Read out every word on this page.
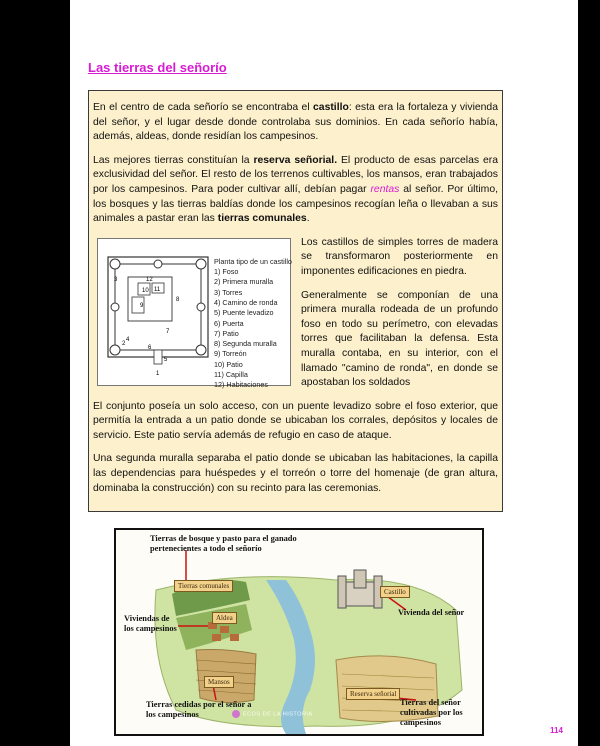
Las tierras del señorío

En el centro de cada señorío se encontraba el castillo: esta era la fortaleza y vivienda del señor, y el lugar desde donde controlaba sus dominios. En cada señorío había, además, aldeas, donde residían los campesinos.

Las mejores tierras constituían la reserva señorial. El producto de esas parcelas era exclusividad del señor. El resto de los terrenos cultivables, los mansos, eran trabajados por los campesinos. Para poder cultivar allí, debían pagar rentas al señor. Por último, los bosques y las tierras baldías donde los campesinos recogían leña o llevaban a sus animales a pastar eran las tierras comunales.

1
2
3
4
5
6
7
8
9
10 11
12
Planta tipo de un castillo
1) Foso
2) Primera muralla
3) Torres
4) Camino de ronda
5) Puente levadizo
6) Puerta
7) Patio
8) Segunda muralla
9) Torreón
10) Patio
11) Capilla
12) Habitaciones

Los castillos de simples torres de madera se transformaron posteriormente en imponentes edificaciones en piedra.

Generalmente se componían de una primera muralla rodeada de un profundo foso en todo su perímetro, con elevadas torres que facilitaban la defensa. Esta muralla contaba, en su interior, con el llamado "camino de ronda", en donde se apostaban los soldados

El conjunto poseía un solo acceso, con un puente levadizo sobre el foso exterior, que permitía la entrada a un patio donde se ubicaban los corrales, depósitos y locales de servicio. Este patio servía además de refugio en caso de ataque.

Una segunda muralla separaba el patio donde se ubicaban las habitaciones, la capilla las dependencias para huéspedes y el torreón o torre del homenaje (de gran altura, dominaba la construcción) con su recinto para las ceremonias.

Tierras de bosque y pasto para el ganado pertenecientes a todo el señorío
Viviendas de los campesinos
Vivienda del señor
Tierras cedidas por el señor a los campesinos
Tierras del señor cultivadas por los campesinos
Tierras comunales
Aldea
Castillo
Mansos
Reserva señorial
ECOS DE LA HISTORIA
114
